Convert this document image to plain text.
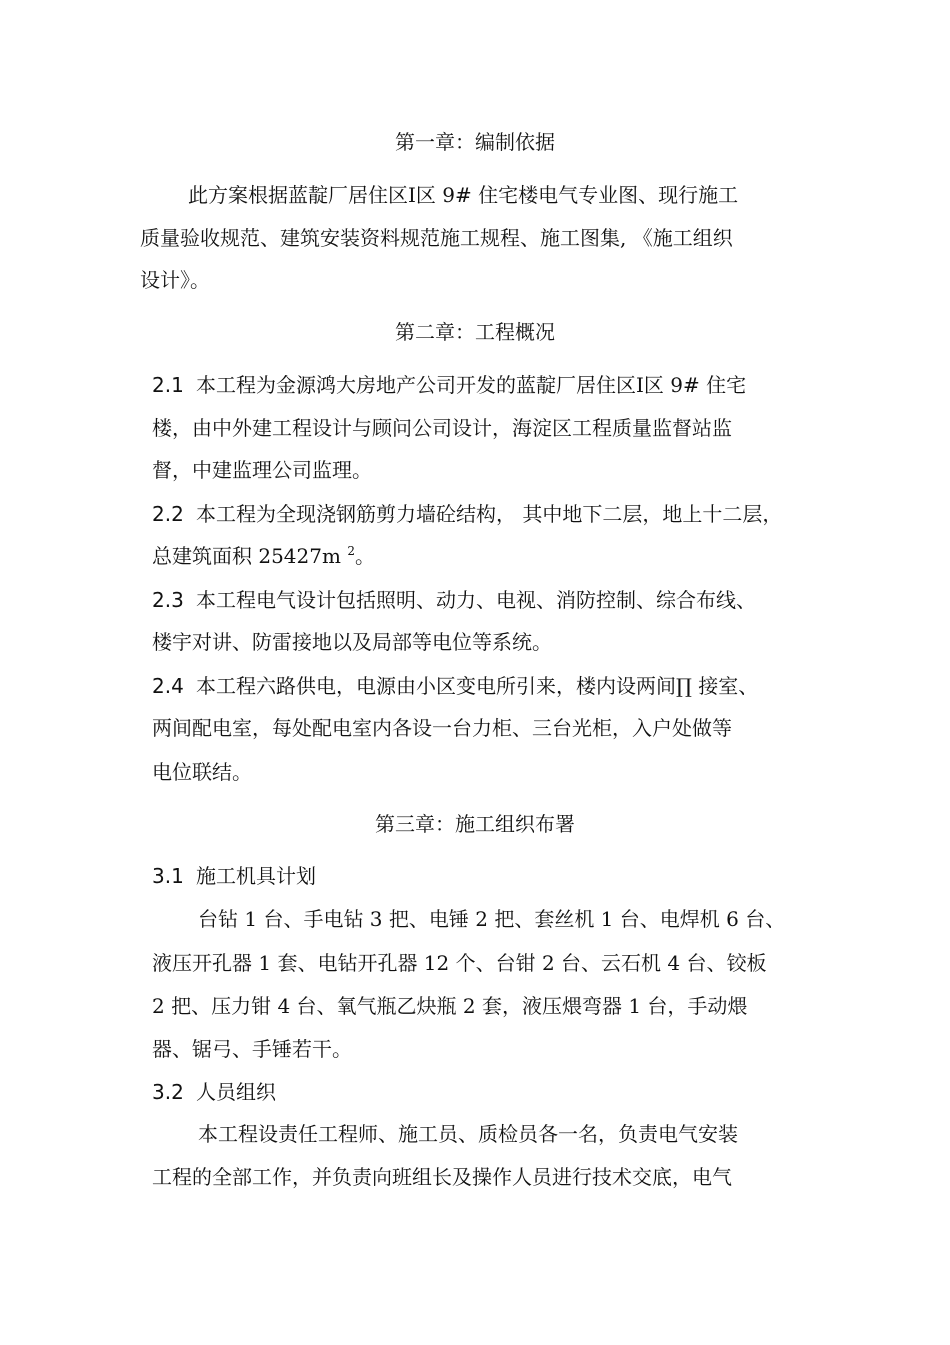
第一章：编制依据
此方案根据蓝靛厂居住区Ⅰ区 9# 住宅楼电气专业图、现行施工
质量验收规范、建筑安装资料规范施工规程、施工图集, 《施工组织
设计》。
第二章：工程概况
2.1 本工程为金源鸿大房地产公司开发的蓝靛厂居住区Ⅰ区 9# 住宅
楼，由中外建工程设计与顾问公司设计，海淀区工程质量监督站监
督，中建监理公司监理。
2.2 本工程为全现浇钢筋剪力墙砼结构， 其中地下二层，地上十二层，
总建筑面积 25427m $^2$。
2.3 本工程电气设计包括照明、动力、电视、消防控制、综合布线、
楼宇对讲、防雷接地以及局部等电位等系统。
2.4 本工程六路供电，电源由小区变电所引来，楼内设两间∏ 接室、
两间配电室，每处配电室内各设一台力柜、三台光柜，入户处做等
电位联结。
第三章：施工组织布署
3.1 施工机具计划
台钻 1 台、手电钻 3 把、电锤 2 把、套丝机 1 台、电焊机 6 台、
液压开孔器 1 套、电钻开孔器 12 个、台钳 2 台、云石机 4 台、铰板
2 把、压力钳 4 台、氧气瓶乙炔瓶 2 套，液压煨弯器 1 台，手动煨
器、锯弓、手锤若干。
3.2 人员组织
本工程设责任工程师、施工员、质检员各一名，负责电气安装
工程的全部工作，并负责向班组长及操作人员进行技术交底，电气
